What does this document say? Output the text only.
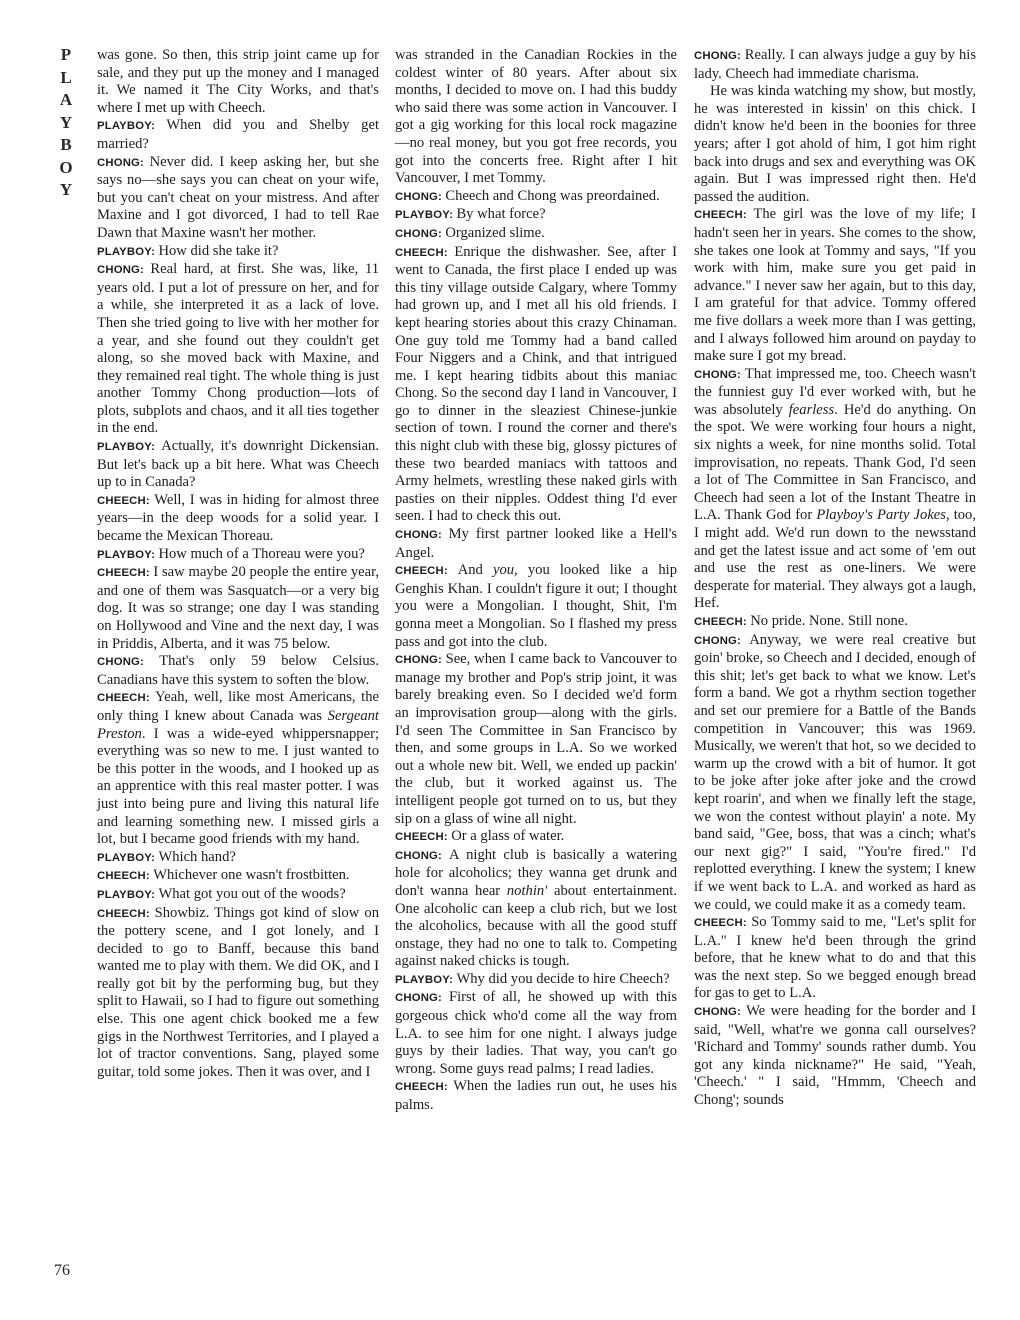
P
L
A
Y
B
O
Y

was gone. So then, this strip joint came up for sale, and they put up the money and I managed it. We named it The City Works, and that's where I met up with Cheech.

PLAYBOY: When did you and Shelby get married?

CHONG: Never did. I keep asking her, but she says no—she says you can cheat on your wife, but you can't cheat on your mistress. And after Maxine and I got divorced, I had to tell Rae Dawn that Maxine wasn't her mother.

PLAYBOY: How did she take it?

CHONG: Real hard, at first. She was, like, 11 years old. I put a lot of pressure on her, and for a while, she interpreted it as a lack of love. Then she tried going to live with her mother for a year, and she found out they couldn't get along, so she moved back with Maxine, and they remained real tight. The whole thing is just another Tommy Chong production—lots of plots, subplots and chaos, and it all ties together in the end.

PLAYBOY: Actually, it's downright Dickensian. But let's back up a bit here. What was Cheech up to in Canada?

CHEECH: Well, I was in hiding for almost three years—in the deep woods for a solid year. I became the Mexican Thoreau.

PLAYBOY: How much of a Thoreau were you?

CHEECH: I saw maybe 20 people the entire year, and one of them was Sasquatch—or a very big dog. It was so strange; one day I was standing on Hollywood and Vine and the next day, I was in Priddis, Alberta, and it was 75 below.

CHONG: That's only 59 below Celsius. Canadians have this system to soften the blow.

CHEECH: Yeah, well, like most Americans, the only thing I knew about Canada was Sergeant Preston. I was a wide-eyed whippersnapper; everything was so new to me. I just wanted to be this potter in the woods, and I hooked up as an apprentice with this real master potter. I was just into being pure and living this natural life and learning something new. I missed girls a lot, but I became good friends with my hand.

PLAYBOY: Which hand?

CHEECH: Whichever one wasn't frostbitten.

PLAYBOY: What got you out of the woods?

CHEECH: Showbiz. Things got kind of slow on the pottery scene, and I got lonely, and I decided to go to Banff, because this band wanted me to play with them. We did OK, and I really got bit by the performing bug, but they split to Hawaii, so I had to figure out something else. This one agent chick booked me a few gigs in the Northwest Territories, and I played a lot of tractor conventions. Sang, played some guitar, told some jokes. Then it was over, and I

was stranded in the Canadian Rockies in the coldest winter of 80 years. After about six months, I decided to move on. I had this buddy who said there was some action in Vancouver. I got a gig working for this local rock magazine—no real money, but you got free records, you got into the concerts free. Right after I hit Vancouver, I met Tommy.

CHONG: Cheech and Chong was preordained.

PLAYBOY: By what force?

CHONG: Organized slime.

CHEECH: Enrique the dishwasher. See, after I went to Canada, the first place I ended up was this tiny village outside Calgary, where Tommy had grown up, and I met all his old friends. I kept hearing stories about this crazy Chinaman. One guy told me Tommy had a band called Four Niggers and a Chink, and that intrigued me. I kept hearing tidbits about this maniac Chong. So the second day I land in Vancouver, I go to dinner in the sleaziest Chinese-junkie section of town. I round the corner and there's this night club with these big, glossy pictures of these two bearded maniacs with tattoos and Army helmets, wrestling these naked girls with pasties on their nipples. Oddest thing I'd ever seen. I had to check this out.

CHONG: My first partner looked like a Hell's Angel.

CHEECH: And you, you looked like a hip Genghis Khan. I couldn't figure it out; I thought you were a Mongolian. I thought, Shit, I'm gonna meet a Mongolian. So I flashed my press pass and got into the club.

CHONG: See, when I came back to Vancouver to manage my brother and Pop's strip joint, it was barely breaking even. So I decided we'd form an improvisation group—along with the girls. I'd seen The Committee in San Francisco by then, and some groups in L.A. So we worked out a whole new bit. Well, we ended up packin' the club, but it worked against us. The intelligent people got turned on to us, but they sip on a glass of wine all night.

CHEECH: Or a glass of water.

CHONG: A night club is basically a watering hole for alcoholics; they wanna get drunk and don't wanna hear nothin' about entertainment. One alcoholic can keep a club rich, but we lost the alcoholics, because with all the good stuff onstage, they had no one to talk to. Competing against naked chicks is tough.

PLAYBOY: Why did you decide to hire Cheech?

CHONG: First of all, he showed up with this gorgeous chick who'd come all the way from L.A. to see him for one night. I always judge guys by their ladies. That way, you can't go wrong. Some guys read palms; I read ladies.

CHEECH: When the ladies run out, he uses his palms.

CHONG: Really. I can always judge a guy by his lady. Cheech had immediate charisma.

He was kinda watching my show, but mostly, he was interested in kissin' on this chick. I didn't know he'd been in the boonies for three years; after I got ahold of him, I got him right back into drugs and sex and everything was OK again. But I was impressed right then. He'd passed the audition.

CHEECH: The girl was the love of my life; I hadn't seen her in years. She comes to the show, she takes one look at Tommy and says, "If you work with him, make sure you get paid in advance." I never saw her again, but to this day, I am grateful for that advice. Tommy offered me five dollars a week more than I was getting, and I always followed him around on payday to make sure I got my bread.

CHONG: That impressed me, too. Cheech wasn't the funniest guy I'd ever worked with, but he was absolutely fearless. He'd do anything. On the spot. We were working four hours a night, six nights a week, for nine months solid. Total improvisation, no repeats. Thank God, I'd seen a lot of The Committee in San Francisco, and Cheech had seen a lot of the Instant Theatre in L.A. Thank God for Playboy's Party Jokes, too, I might add. We'd run down to the newsstand and get the latest issue and act some of 'em out and use the rest as one-liners. We were desperate for material. They always got a laugh, Hef.

CHEECH: No pride. None. Still none.

CHONG: Anyway, we were real creative but goin' broke, so Cheech and I decided, enough of this shit; let's get back to what we know. Let's form a band. We got a rhythm section together and set our premiere for a Battle of the Bands competition in Vancouver; this was 1969. Musically, we weren't that hot, so we decided to warm up the crowd with a bit of humor. It got to be joke after joke after joke and the crowd kept roarin', and when we finally left the stage, we won the contest without playin' a note. My band said, "Gee, boss, that was a cinch; what's our next gig?" I said, "You're fired." I'd replotted everything. I knew the system; I knew if we went back to L.A. and worked as hard as we could, we could make it as a comedy team.

CHEECH: So Tommy said to me, "Let's split for L.A." I knew he'd been through the grind before, that he knew what to do and that this was the next step. So we begged enough bread for gas to get to L.A.

CHONG: We were heading for the border and I said, "Well, what're we gonna call ourselves? 'Richard and Tommy' sounds rather dumb. You got any kinda nickname?" He said, "Yeah, 'Cheech.' " I said, "Hmmm, 'Cheech and Chong'; sounds

76
